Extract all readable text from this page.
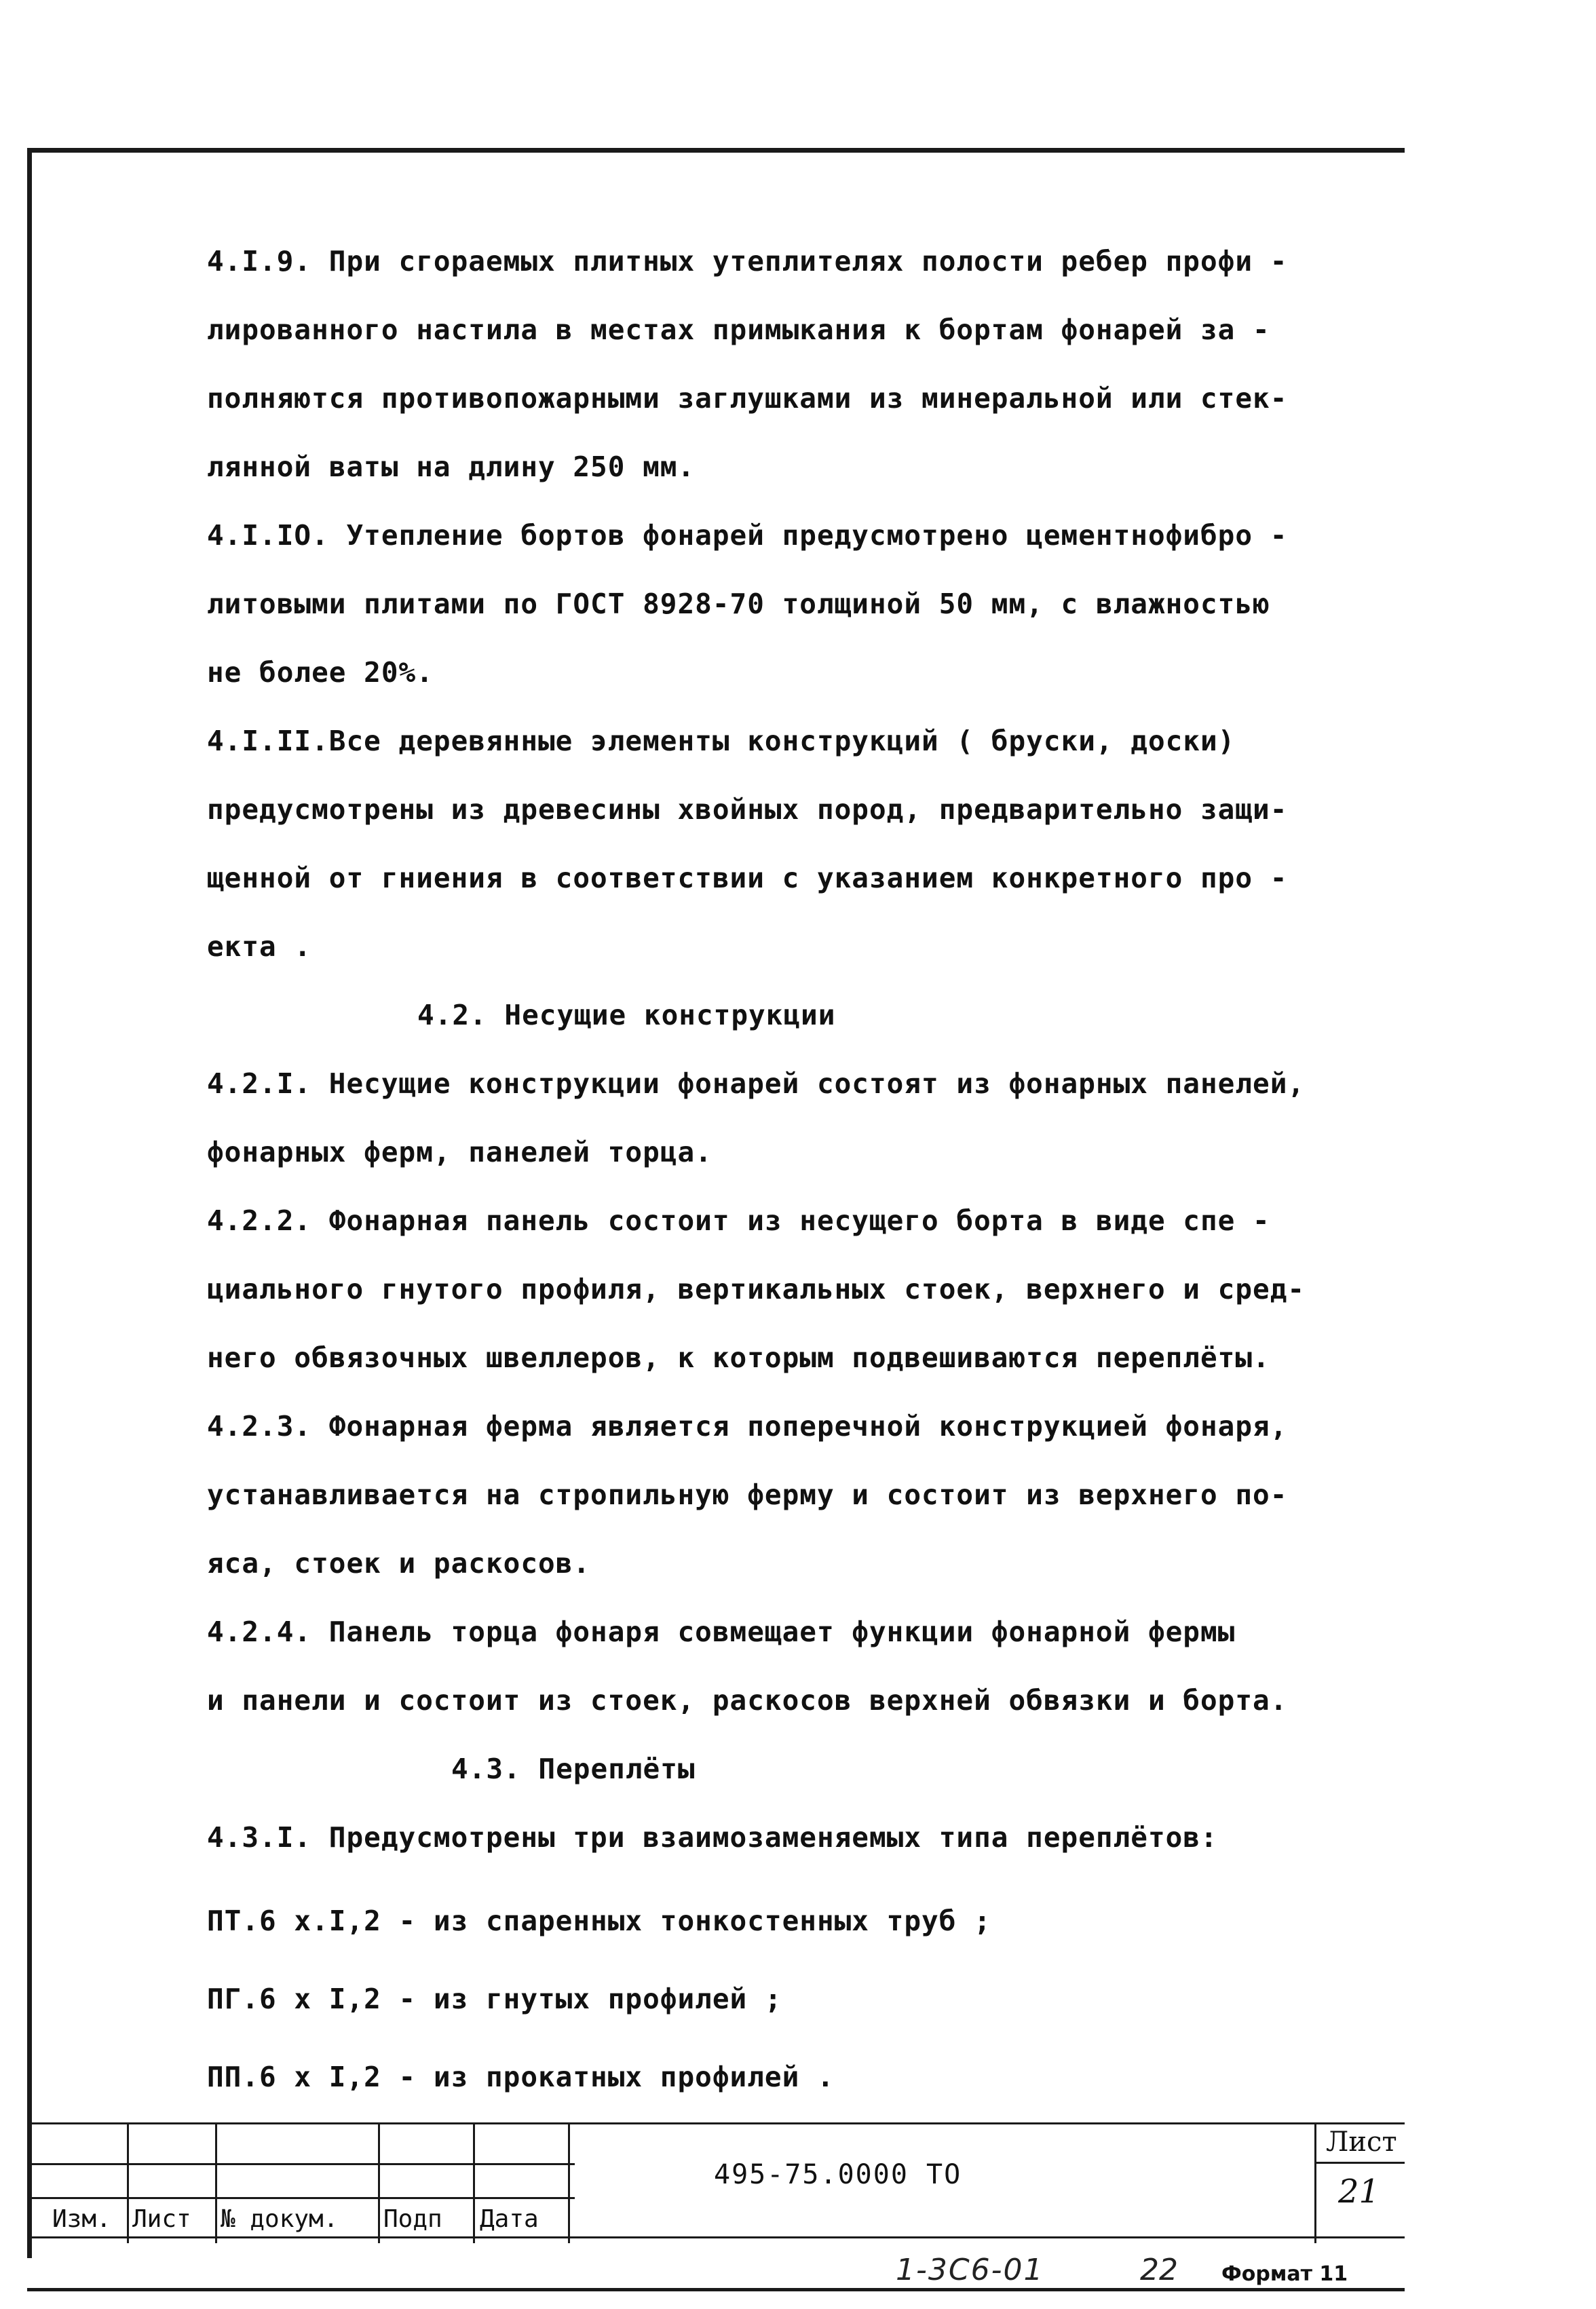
4.I.9. При сгораемых плитных утеплителях полости ребер профи -
лированного настила в местах примыкания к бортам фонарей за -
полняются противопожарными заглушками из минеральной или стек-
лянной ваты на длину 250 мм.
4.I.IO. Утепление бортов фонарей предусмотрено цементнофибро -
литовыми плитами по ГОСТ 8928-70 толщиной 50 мм, с влажностью
не более 20%.
4.I.II.Все деревянные элементы конструкций ( бруски, доски)
предусмотрены из древесины хвойных пород, предварительно защи-
щенной от гниения в соответствии с указанием конкретного про -
екта .
4.2. Несущие конструкции
4.2.I. Несущие конструкции фонарей состоят из фонарных панелей,
фонарных ферм, панелей торца.
4.2.2. Фонарная панель состоит из несущего борта в виде спе -
циального гнутого профиля, вертикальных стоек, верхнего и сред-
него обвязочных швеллеров, к которым подвешиваются переплёты.
4.2.3. Фонарная ферма является поперечной конструкцией фонаря,
устанавливается на стропильную ферму и состоит из верхнего по-
яса, стоек и раскосов.
4.2.4. Панель торца фонаря совмещает функции фонарной фермы
и панели и состоит из стоек, раскосов верхней обвязки и борта.
4.3. Переплёты
4.3.I. Предусмотрены три взаимозаменяемых типа переплётов:
ПТ.6 х.I,2 - из спаренных тонкостенных труб ;
ПГ.6 х I,2 - из гнутых профилей ;
ПП.6 х I,2 - из прокатных профилей .
Изм. Лист № докум. Подп Дата
495-75.0000 ТО
Лист
21
1-3С6-01	22 Формат 11
